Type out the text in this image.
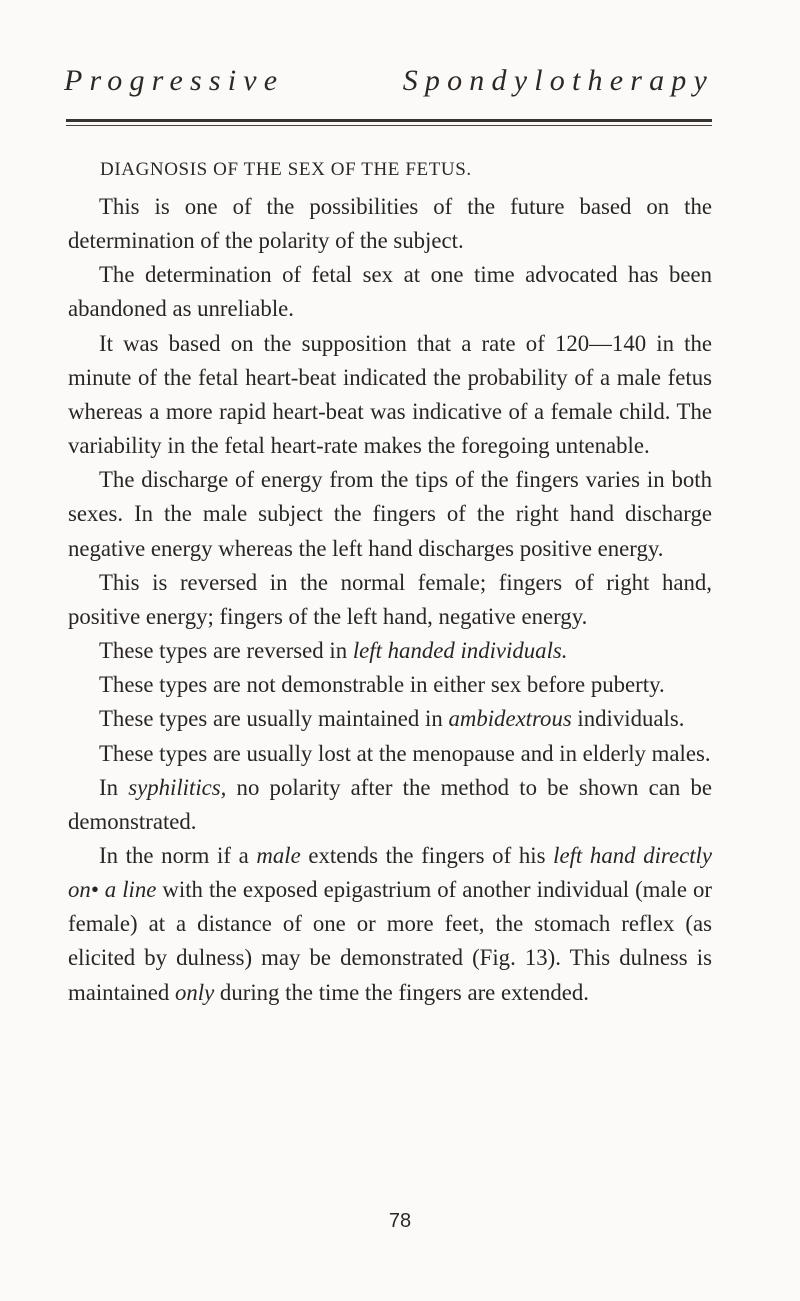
Progressive	Spondylotherapy
DIAGNOSIS OF THE SEX OF THE FETUS.

This is one of the possibilities of the future based on the determination of the polarity of the subject.

The determination of fetal sex at one time advocated has been abandoned as unreliable.

It was based on the supposition that a rate of 120—140 in the minute of the fetal heart-beat indicated the probability of a male fetus whereas a more rapid heart-beat was indicative of a female child. The variability in the fetal heart-rate makes the foregoing untenable.

The discharge of energy from the tips of the fingers varies in both sexes. In the male subject the fingers of the right hand discharge negative energy whereas the left hand discharges positive energy.

This is reversed in the normal female; fingers of right hand, positive energy; fingers of the left hand, negative energy.

These types are reversed in left handed individuals.

These types are not demonstrable in either sex before puberty.

These types are usually maintained in ambidextrous individuals.

These types are usually lost at the menopause and in elderly males.

In syphilitics, no polarity after the method to be shown can be demonstrated.

In the norm if a male extends the fingers of his left hand directly on• a line with the exposed epigastrium of another individual (male or female) at a distance of one or more feet, the stomach reflex (as elicited by dulness) may be demonstrated (Fig. 13). This dulness is maintained only during the time the fingers are extended.

78
